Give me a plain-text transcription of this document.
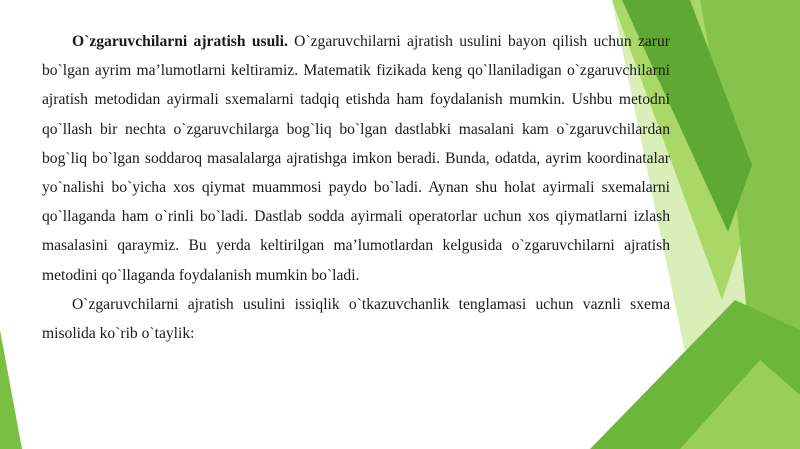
O`zgaruvchilarni ajratish usuli. O`zgaruvchilarni ajratish usulini bayon qilish uchun zarur bo`lgan ayrim ma’lumotlarni keltiramiz. Matematik fizikada keng qo`llaniladigan o`zgaruvchilarni ajratish metodidan ayirmali sxemalarni tadqiq etishda ham foydalanish mumkin. Ushbu metodni qo`llash bir nechta o`zgaruvchilarga bog`liq bo`lgan dastlabki masalani kam o`zgaruvchilardan bog`liq bo`lgan soddaroq masalalarga ajratishga imkon beradi. Bunda, odatda, ayrim koordinatalar yo`nalishi bo`yicha xos qiymat muammosi paydo bo`ladi. Aynan shu holat ayirmali sxemalarni qo`llaganda ham o`rinli bo`ladi. Dastlab sodda ayirmali operatorlar uchun xos qiymatlarni izlash masalasini qaraymiz. Bu yerda keltirilgan ma’lumotlardan kelgusida o`zgaruvchilarni ajratish metodini qo`llaganda foydalanish mumkin bo`ladi.

O`zgaruvchilarni ajratish usulini issiqlik o`tkazuvchanlik tenglamasi uchun vaznli sxema misolida ko`rib o`taylik:
